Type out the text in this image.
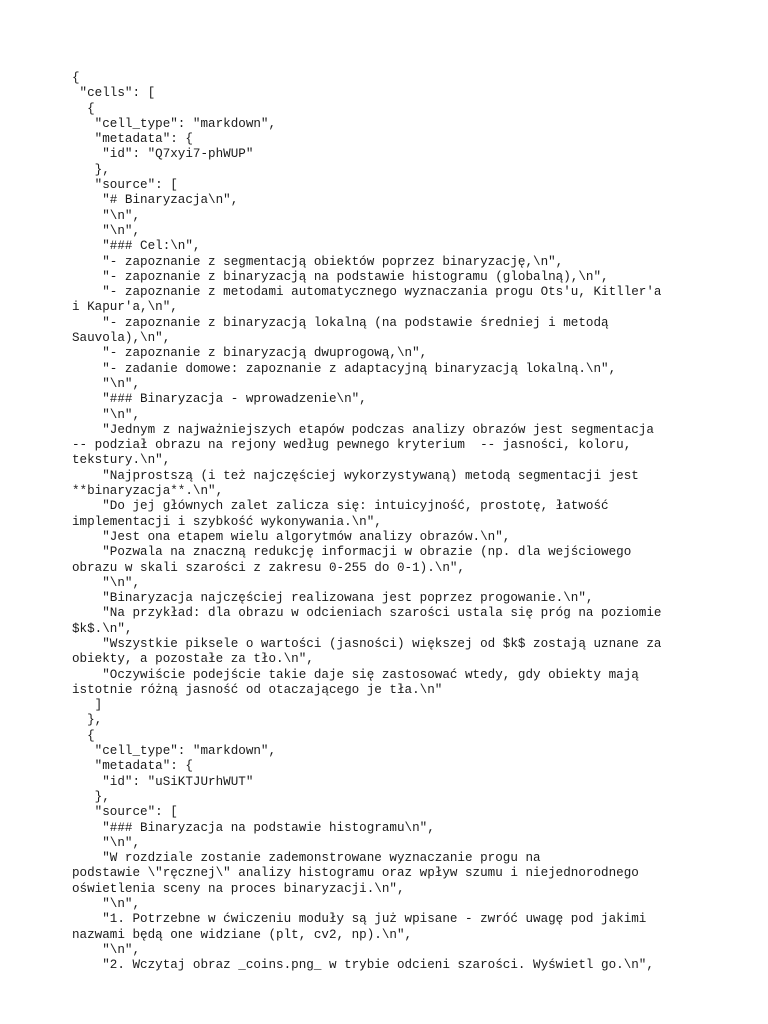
{
"cells": [
{
"cell_type": "markdown",
"metadata": {
"id": "Q7xyi7-phWUP"
},
"source": [
"# Binaryzacja\n",
"\n",
"\n",
"### Cel:\n",
"- zapoznanie z segmentacją obiektów poprzez binaryzację,\n",
"- zapoznanie z binaryzacją na podstawie histogramu (globalną),\n",
"- zapoznanie z metodami automatycznego wyznaczania progu Ots'u, Kitller'a
i Kapur'a,\n",
"- zapoznanie z binaryzacją lokalną (na podstawie średniej i metodą
Sauvola),\n",
"- zapoznanie z binaryzacją dwuprogową,\n",
"- zadanie domowe: zapoznanie z adaptacyjną binaryzacją lokalną.\n",
"\n",
"### Binaryzacja - wprowadzenie\n",
"\n",
"Jednym z najważniejszych etapów podczas analizy obrazów jest segmentacja
-- podział obrazu na rejony według pewnego kryterium  -- jasności, koloru,
tekstury.\n",
"Najprostszą (i też najczęściej wykorzystywaną) metodą segmentacji jest
**binaryzacja**.\n",
"Do jej głównych zalet zalicza się: intuicyjność, prostotę, łatwość
implementacji i szybkość wykonywania.\n",
"Jest ona etapem wielu algorytmów analizy obrazów.\n",
"Pozwala na znaczną redukcję informacji w obrazie (np. dla wejściowego
obrazu w skali szarości z zakresu 0-255 do 0-1).\n",
"\n",
"Binaryzacja najczęściej realizowana jest poprzez progowanie.\n",
"Na przykład: dla obrazu w odcieniach szarości ustala się próg na poziomie
$k$.\n",
"Wszystkie piksele o wartości (jasności) większej od $k$ zostają uznane za
obiekty, a pozostałe za tło.\n",
"Oczywiście podejście takie daje się zastosować wtedy, gdy obiekty mają
istotnie różną jasność od otaczającego je tła.\n"
]
},
{
"cell_type": "markdown",
"metadata": {
"id": "uSiKTJUrhWUT"
},
"source": [
"### Binaryzacja na podstawie histogramu\n",
"\n",
"W rozdziale zostanie zademonstrowane wyznaczanie progu na
podstawie \"ręcznej\" analizy histogramu oraz wpływ szumu i niejednorodnego
oświetlenia sceny na proces binaryzacji.\n",
"\n",
"1. Potrzebne w ćwiczeniu moduły są już wpisane - zwróć uwagę pod jakimi
nazwami będą one widziane (plt, cv2, np).\n",
"\n",
"2. Wczytaj obraz _coins.png_ w trybie odcieni szarości. Wyświetl go.\n",
